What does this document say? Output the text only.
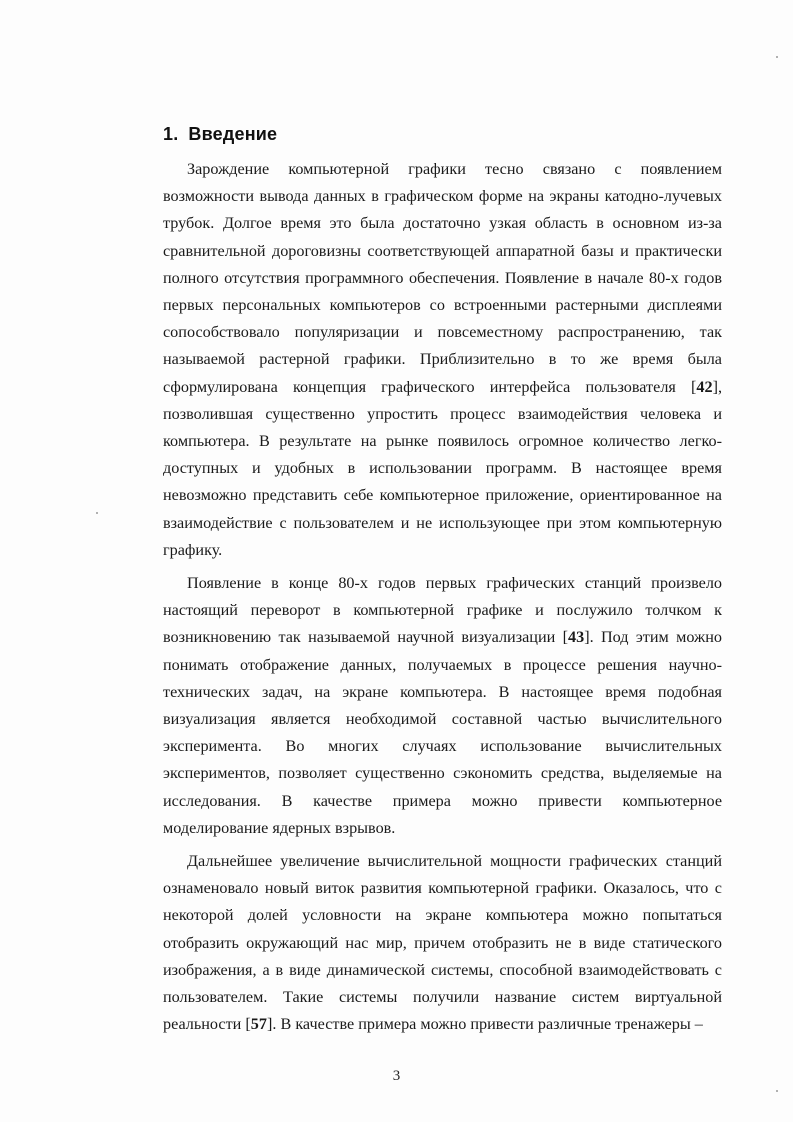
1. Введение

Зарождение компьютерной графики тесно связано с появлением возможности вывода данных в графическом форме на экраны катодно-лучевых трубок. Долгое время это была достаточно узкая область в основном из-за сравнительной дороговизны соответствующей аппаратной базы и практически полного отсутствия программного обеспечения. Появление в начале 80-х годов первых персональных компьютеров со встроенными растерными дисплеями сопособствовало популяризации и повсеместному распространению, так называемой растерной графики. Приблизительно в то же время была сформулирована концепция графического интерфейса пользователя [42], позволившая существенно упростить процесс взаимодействия человека и компьютера. В результате на рынке появилось огромное количество легко-доступных и удобных в использовании программ. В настоящее время невозможно представить себе компьютерное приложение, ориентированное на взаимодействие с пользователем и не использующее при этом компьютерную графику.

Появление в конце 80-х годов первых графических станций произвело настоящий переворот в компьютерной графике и послужило толчком к возникновению так называемой научной визуализации [43]. Под этим можно понимать отображение данных, получаемых в процессе решения научно-технических задач, на экране компьютера. В настоящее время подобная визуализация является необходимой составной частью вычислительного эксперимента. Во многих случаях использование вычислительных экспериментов, позволяет существенно сэкономить средства, выделяемые на исследования. В качестве примера можно привести компьютерное моделирование ядерных взрывов.

Дальнейшее увеличение вычислительной мощности графических станций ознаменовало новый виток развития компьютерной графики. Оказалось, что с некоторой долей условности на экране компьютера можно попытаться отобразить окружающий нас мир, причем отобразить не в виде статического изображения, а в виде динамической системы, способной взаимодействовать с пользователем. Такие системы получили название систем виртуальной реальности [57]. В качестве примера можно привести различные тренажеры –

3
